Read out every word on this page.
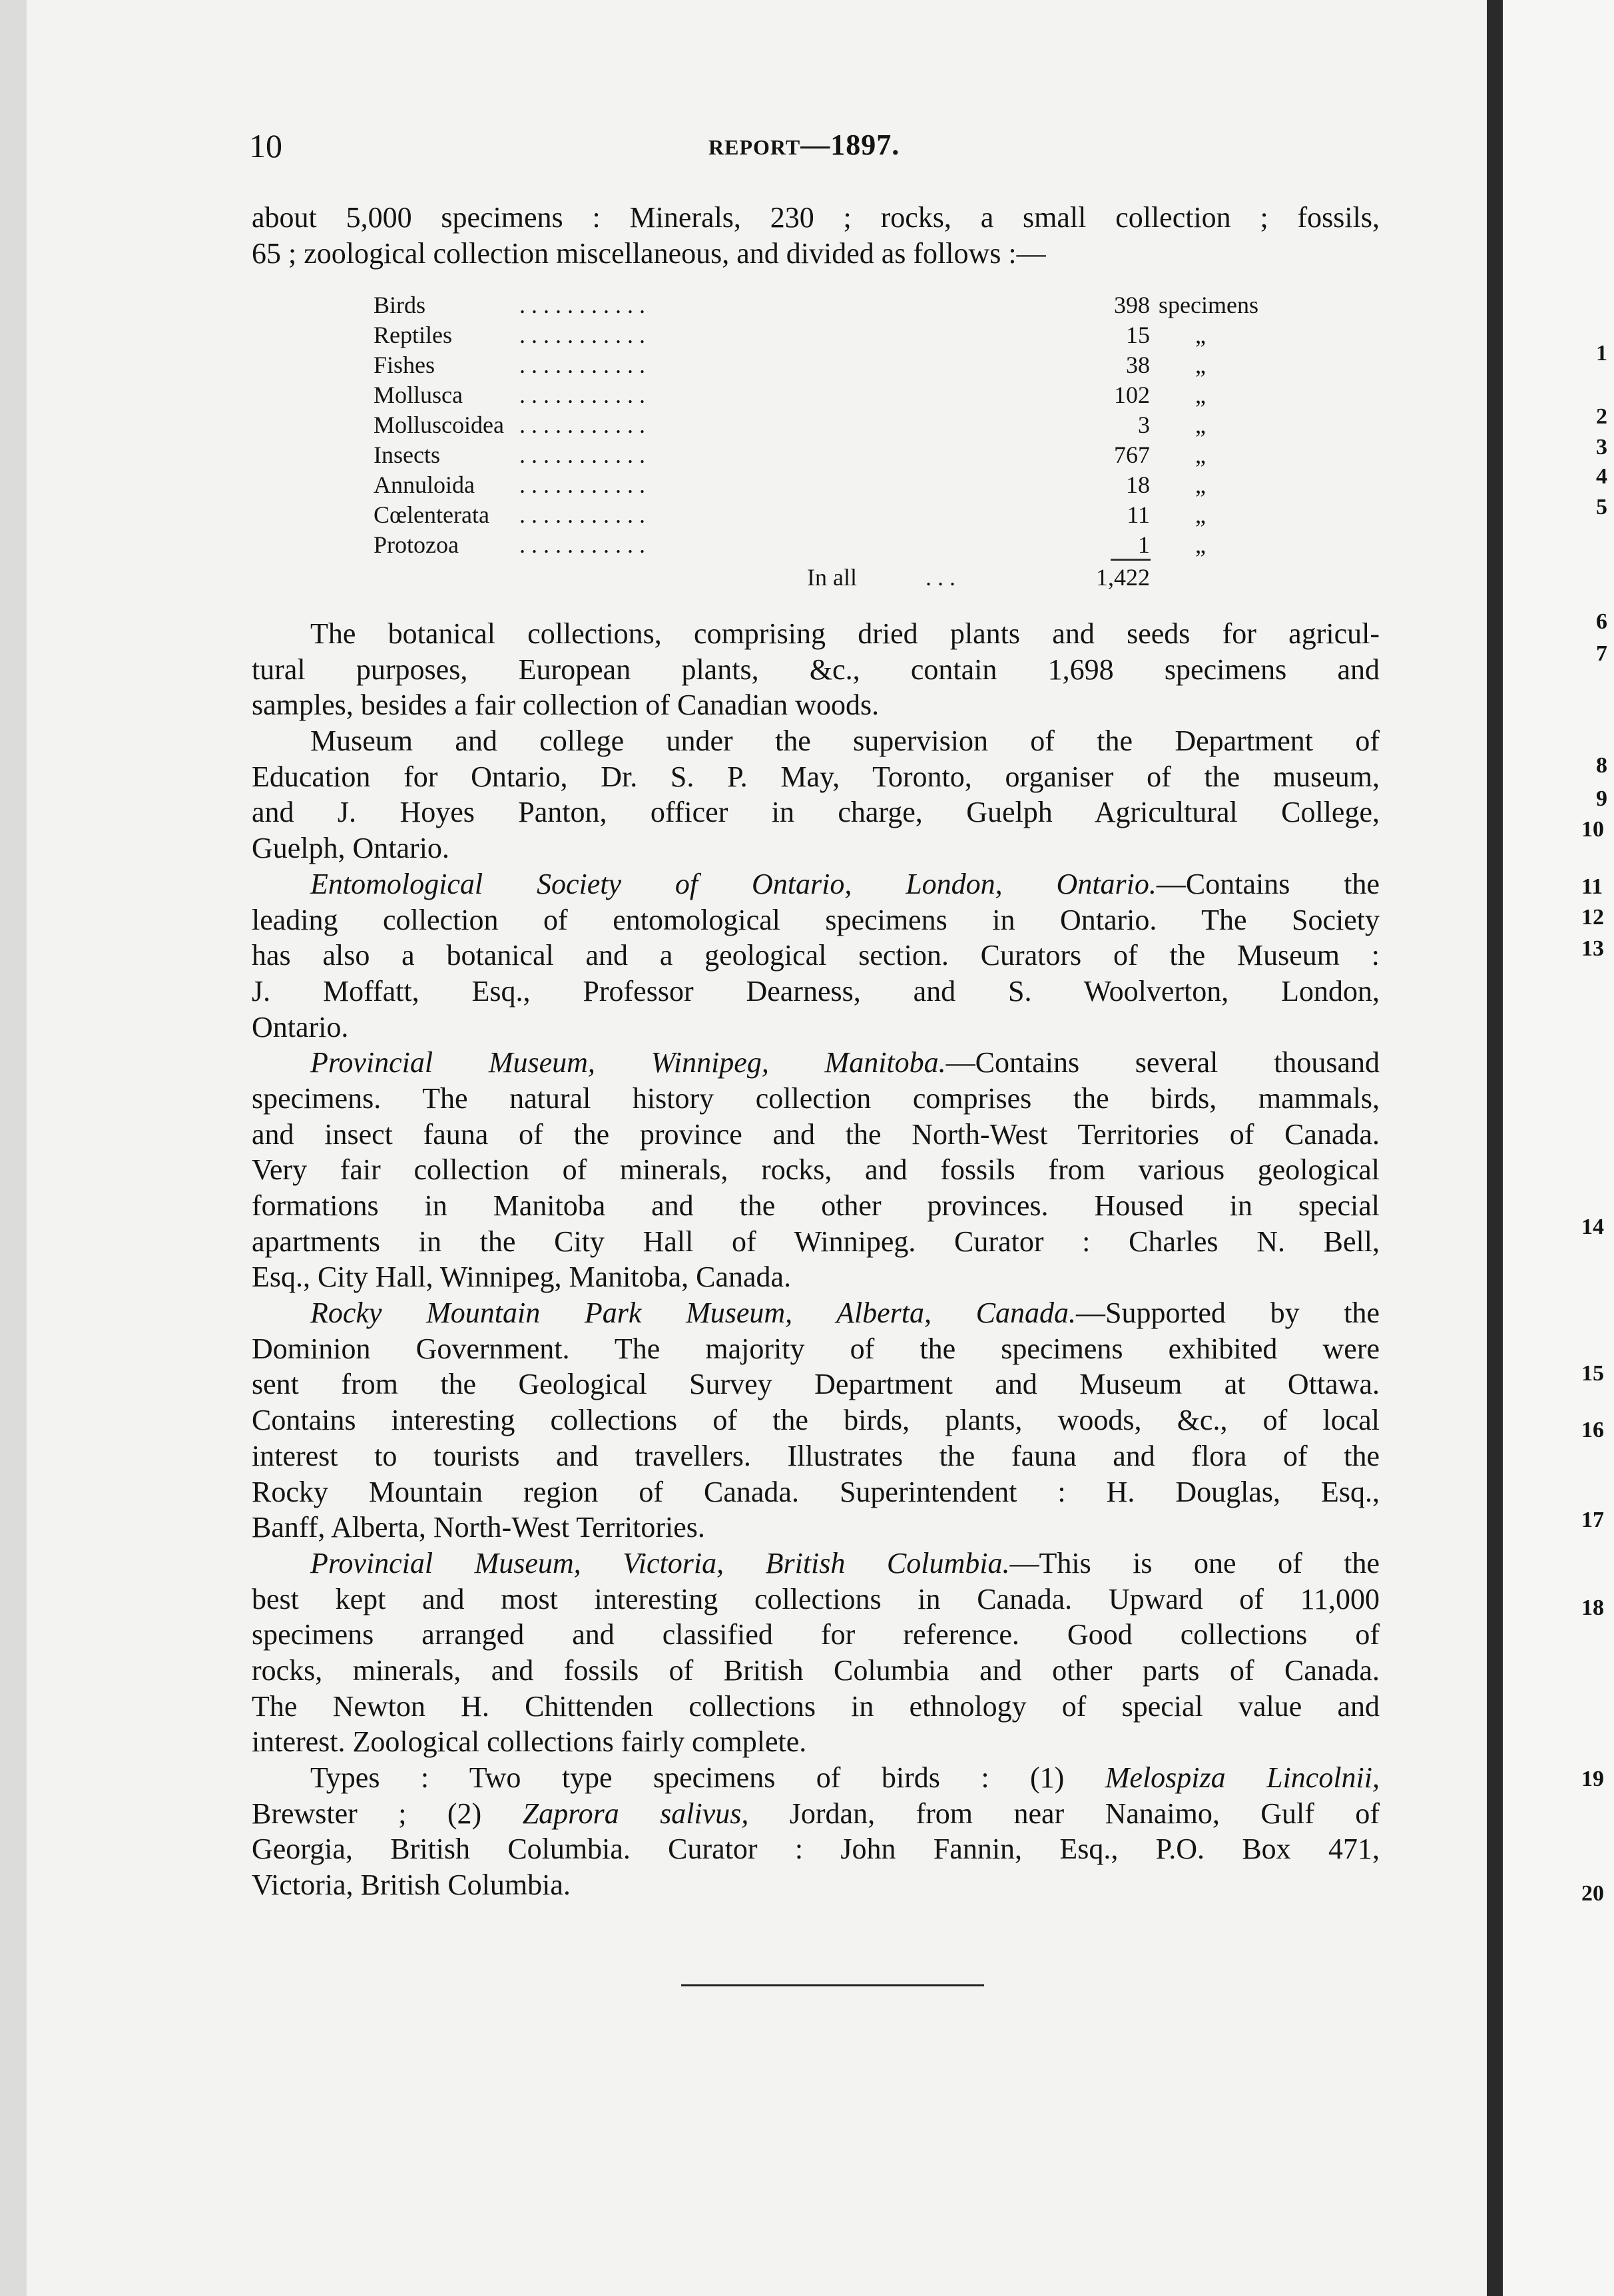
10	REPORT—1897.
about 5,000 specimens : Minerals, 230 ; rocks, a small collection ; fossils,
65 ; zoological collection miscellaneous, and divided as follows :—
Birds	. . . . . . . . . . .	398 specimens
Reptiles	. . . . . . . . . . .	15 „
Fishes	. . . . . . . . . . .	38 „
Mollusca . . . . . . . . . . .	102 „
Molluscoidea . . . . . . . . . . .	3 „
Insects	. . . . . . . . . . .	767 „
Annuloida . . . . . . . . . . .	18 „
Cœlenterata . . . . . . . . . . .	11 „
Protozoa	. . . . . . . . . . .	1 „
In all	. . .	1,422
The botanical collections, comprising dried plants and seeds for agricul-
tural purposes, European plants, &c., contain 1,698 specimens and
samples, besides a fair collection of Canadian woods.
Museum and college under the supervision of the Department of
Education for Ontario, Dr. S. P. May, Toronto, organiser of the museum,
and J. Hoyes Panton, officer in charge, Guelph Agricultural College,
Guelph, Ontario.
Entomological Society of Ontario, London, Ontario.—Contains the
leading collection of entomological specimens in Ontario. The Society
has also a botanical and a geological section. Curators of the Museum :
J. Moffatt, Esq., Professor Dearness, and S. Woolverton, London,
Ontario.
Provincial Museum, Winnipeg, Manitoba.—Contains several thousand
specimens. The natural history collection comprises the birds, mammals,
and insect fauna of the province and the North-West Territories of Canada.
Very fair collection of minerals, rocks, and fossils from various geological
formations in Manitoba and the other provinces. Housed in special
apartments in the City Hall of Winnipeg. Curator : Charles N. Bell,
Esq., City Hall, Winnipeg, Manitoba, Canada.
Rocky Mountain Park Museum, Alberta, Canada.—Supported by the
Dominion Government. The majority of the specimens exhibited were
sent from the Geological Survey Department and Museum at Ottawa.
Contains interesting collections of the birds, plants, woods, &c., of local
interest to tourists and travellers. Illustrates the fauna and flora of the
Rocky Mountain region of Canada. Superintendent : H. Douglas, Esq.,
Banff, Alberta, North-West Territories.
Provincial Museum, Victoria, British Columbia.—This is one of the
best kept and most interesting collections in Canada. Upward of 11,000
specimens arranged and classified for reference. Good collections of
rocks, minerals, and fossils of British Columbia and other parts of Canada.
The Newton H. Chittenden collections in ethnology of special value and
interest. Zoological collections fairly complete.
Types : Two type specimens of birds : (1) Melospiza Lincolnii,
Brewster ; (2) Zaprora salivus, Jordan, from near Nanaimo, Gulf of
Georgia, British Columbia. Curator : John Fannin, Esq., P.O. Box 471,
Victoria, British Columbia.
1
2
3
4
5
6
7
8
9
10
11
12
13
14
15
16
17
18
19
20
